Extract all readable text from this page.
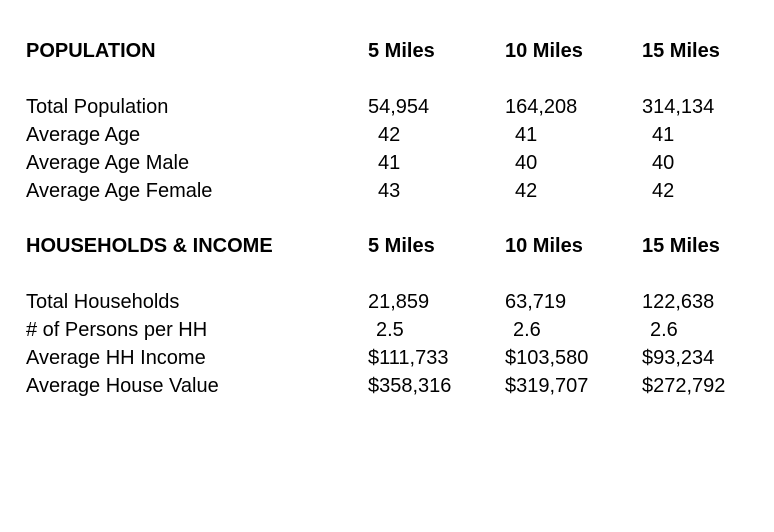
POPULATION	5 Miles	10 Miles	15 Miles
Total Population	54,954	164,208	314,134
Average Age	42	41	41
Average Age Male	41	40	40
Average Age Female	43	42	42
HOUSEHOLDS & INCOME	5 Miles	10 Miles	15 Miles
Total Households	21,859	63,719	122,638
# of Persons per HH	2.5	2.6	2.6
Average HH Income	$111,733	$103,580	$93,234
Average House Value	$358,316	$319,707	$272,792
